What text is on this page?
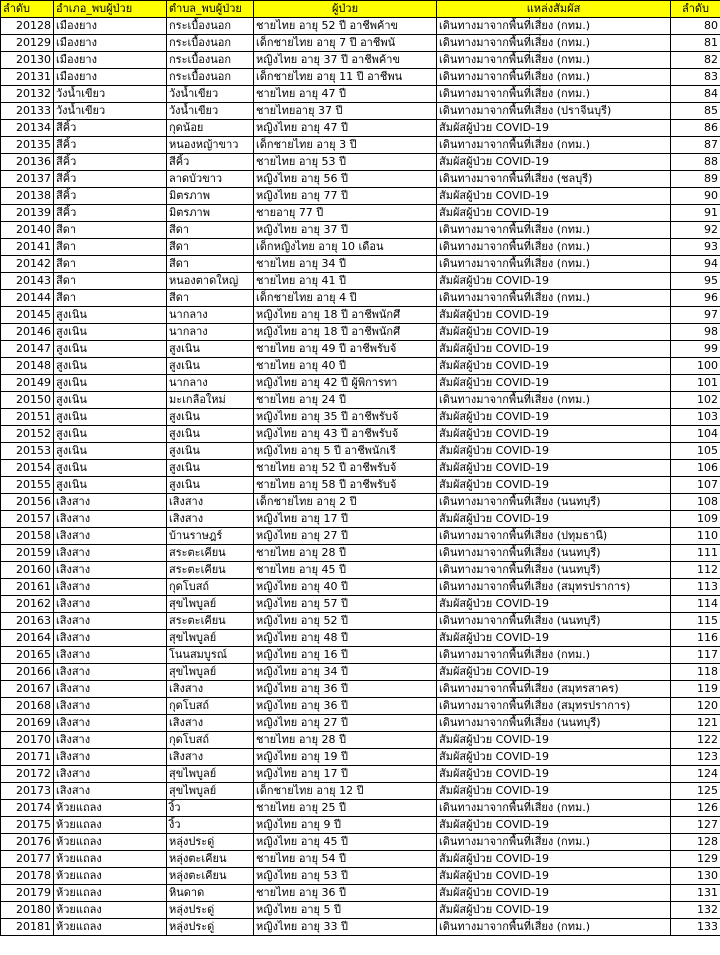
ลำดับ	อำเภอ_พบผู้ป่วย	ตำบล_พบผู้ป่วย	ผู้ป่วย	แหล่งสัมผัส	ลำดับ
20128	เมืองยาง	กระเบื้องนอก	ชายไทย อายุ 52 ปี อาชีพค้าข	เดินทางมาจากพื้นที่เสี่ยง (กทม.)	80
20129	เมืองยาง	กระเบื้องนอก	เด็กชายไทย อายุ 7 ปี อาชีพนั	เดินทางมาจากพื้นที่เสี่ยง (กทม.)	81
20130	เมืองยาง	กระเบื้องนอก	หญิงไทย อายุ 37 ปี อาชีพค้าข	เดินทางมาจากพื้นที่เสี่ยง (กทม.)	82
20131	เมืองยาง	กระเบื้องนอก	เด็กชายไทย อายุ 11 ปี อาชีพน	เดินทางมาจากพื้นที่เสี่ยง (กทม.)	83
20132	วังน้ำเขียว	วังน้ำเขียว	ชายไทย อายุ 47 ปี	เดินทางมาจากพื้นที่เสี่ยง (กทม.)	84
20133	วังน้ำเขียว	วังน้ำเขียว	ชายไทยอายุ 37 ปี	เดินทางมาจากพื้นที่เสี่ยง (ปราจีนบุรี)	85
20134	สีคิ้ว	กุดน้อย	หญิงไทย อายุ 47 ปี	สัมผัสผู้ป่วย COVID-19	86
20135	สีคิ้ว	หนองหญ้าขาว	เด็กชายไทย อายุ 3 ปี	เดินทางมาจากพื้นที่เสี่ยง (กทม.)	87
20136	สีคิ้ว	สีคิ้ว	ชายไทย อายุ 53 ปี	สัมผัสผู้ป่วย COVID-19	88
20137	สีคิ้ว	ลาดบัวขาว	หญิงไทย อายุ 56 ปี	เดินทางมาจากพื้นที่เสี่ยง (ชลบุรี)	89
20138	สีคิ้ว	มิตรภาพ	หญิงไทย อายุ 77 ปี	สัมผัสผู้ป่วย COVID-19	90
20139	สีคิ้ว	มิตรภาพ	ชายอายุ 77 ปี	สัมผัสผู้ป่วย COVID-19	91
20140	สีดา	สีดา	หญิงไทย อายุ 37 ปี	เดินทางมาจากพื้นที่เสี่ยง (กทม.)	92
20141	สีดา	สีดา	เด็กหญิงไทย อายุ 10 เดือน	เดินทางมาจากพื้นที่เสี่ยง (กทม.)	93
20142	สีดา	สีดา	ชายไทย อายุ 34 ปี	เดินทางมาจากพื้นที่เสี่ยง (กทม.)	94
20143	สีดา	หนองตาดใหญ่	ชายไทย อายุ 41 ปี	สัมผัสผู้ป่วย COVID-19	95
20144	สีดา	สีดา	เด็กชายไทย อายุ 4 ปี	เดินทางมาจากพื้นที่เสี่ยง (กทม.)	96
20145	สูงเนิน	นากลาง	หญิงไทย อายุ 18 ปี อาชีพนักศึ	สัมผัสผู้ป่วย COVID-19	97
20146	สูงเนิน	นากลาง	หญิงไทย อายุ 18 ปี อาชีพนักศึ	สัมผัสผู้ป่วย COVID-19	98
20147	สูงเนิน	สูงเนิน	ชายไทย อายุ 49 ปี อาชีพรับจ้	สัมผัสผู้ป่วย COVID-19	99
20148	สูงเนิน	สูงเนิน	ชายไทย อายุ 40 ปี	สัมผัสผู้ป่วย COVID-19	100
20149	สูงเนิน	นากลาง	หญิงไทย อายุ 42 ปี ผู้พิการทา	สัมผัสผู้ป่วย COVID-19	101
20150	สูงเนิน	มะเกลือใหม่	ชายไทย อายุ 24 ปี	เดินทางมาจากพื้นที่เสี่ยง (กทม.)	102
20151	สูงเนิน	สูงเนิน	หญิงไทย อายุ 35 ปี อาชีพรับจ้	สัมผัสผู้ป่วย COVID-19	103
20152	สูงเนิน	สูงเนิน	หญิงไทย อายุ 43 ปี อาชีพรับจ้	สัมผัสผู้ป่วย COVID-19	104
20153	สูงเนิน	สูงเนิน	หญิงไทย อายุ 5 ปี อาชีพนักเรี	สัมผัสผู้ป่วย COVID-19	105
20154	สูงเนิน	สูงเนิน	ชายไทย อายุ 52 ปี อาชีพรับจ้	สัมผัสผู้ป่วย COVID-19	106
20155	สูงเนิน	สูงเนิน	ชายไทย อายุ 58 ปี อาชีพรับจ้	สัมผัสผู้ป่วย COVID-19	107
20156	เสิงสาง	เสิงสาง	เด็กชายไทย อายุ 2 ปี	เดินทางมาจากพื้นที่เสี่ยง (นนทบุรี)	108
20157	เสิงสาง	เสิงสาง	หญิงไทย อายุ 17 ปี	สัมผัสผู้ป่วย COVID-19	109
20158	เสิงสาง	บ้านราษฎร์	หญิงไทย อายุ 27 ปี	เดินทางมาจากพื้นที่เสี่ยง (ปทุมธานี)	110
20159	เสิงสาง	สระตะเคียน	ชายไทย อายุ 28 ปี	เดินทางมาจากพื้นที่เสี่ยง (นนทบุรี)	111
20160	เสิงสาง	สระตะเคียน	ชายไทย อายุ 45 ปี	เดินทางมาจากพื้นที่เสี่ยง (นนทบุรี)	112
20161	เสิงสาง	กุดโบสถ์	หญิงไทย อายุ 40 ปี	เดินทางมาจากพื้นที่เสี่ยง (สมุทรปราการ)	113
20162	เสิงสาง	สุขไพบูลย์	หญิงไทย อายุ 57 ปี	สัมผัสผู้ป่วย COVID-19	114
20163	เสิงสาง	สระตะเคียน	หญิงไทย อายุ 52 ปี	เดินทางมาจากพื้นที่เสี่ยง (นนทบุรี)	115
20164	เสิงสาง	สุขไพบูลย์	หญิงไทย อายุ 48 ปี	สัมผัสผู้ป่วย COVID-19	116
20165	เสิงสาง	โนนสมบูรณ์	หญิงไทย อายุ 16 ปี	เดินทางมาจากพื้นที่เสี่ยง (กทม.)	117
20166	เสิงสาง	สุขไพบูลย์	หญิงไทย อายุ 34 ปี	สัมผัสผู้ป่วย COVID-19	118
20167	เสิงสาง	เสิงสาง	หญิงไทย อายุ 36 ปี	เดินทางมาจากพื้นที่เสี่ยง (สมุทรสาคร)	119
20168	เสิงสาง	กุดโบสถ์	หญิงไทย อายุ 36 ปี	เดินทางมาจากพื้นที่เสี่ยง (สมุทรปราการ)	120
20169	เสิงสาง	เสิงสาง	หญิงไทย อายุ 27 ปี	เดินทางมาจากพื้นที่เสี่ยง (นนทบุรี)	121
20170	เสิงสาง	กุดโบสถ์	ชายไทย อายุ 28 ปี	สัมผัสผู้ป่วย COVID-19	122
20171	เสิงสาง	เสิงสาง	หญิงไทย อายุ 19 ปี	สัมผัสผู้ป่วย COVID-19	123
20172	เสิงสาง	สุขไพบูลย์	หญิงไทย อายุ 17 ปี	สัมผัสผู้ป่วย COVID-19	124
20173	เสิงสาง	สุขไพบูลย์	เด็กชายไทย อายุ 12 ปี	สัมผัสผู้ป่วย COVID-19	125
20174	ห้วยแถลง	งิ้ว	ชายไทย อายุ 25 ปี	เดินทางมาจากพื้นที่เสี่ยง (กทม.)	126
20175	ห้วยแถลง	งิ้ว	หญิงไทย อายุ 9 ปี	สัมผัสผู้ป่วย COVID-19	127
20176	ห้วยแถลง	หลุ่งประดู่	หญิงไทย อายุ 45 ปี	เดินทางมาจากพื้นที่เสี่ยง (กทม.)	128
20177	ห้วยแถลง	หลุ่งตะเคียน	ชายไทย อายุ 54 ปี	สัมผัสผู้ป่วย COVID-19	129
20178	ห้วยแถลง	หลุ่งตะเคียน	หญิงไทย อายุ 53 ปี	สัมผัสผู้ป่วย COVID-19	130
20179	ห้วยแถลง	หินดาด	ชายไทย อายุ 36 ปี	สัมผัสผู้ป่วย COVID-19	131
20180	ห้วยแถลง	หลุ่งประดู่	หญิงไทย อายุ 5 ปี	สัมผัสผู้ป่วย COVID-19	132
20181	ห้วยแถลง	หลุ่งประดู่	หญิงไทย อายุ 33 ปี	เดินทางมาจากพื้นที่เสี่ยง (กทม.)	133
